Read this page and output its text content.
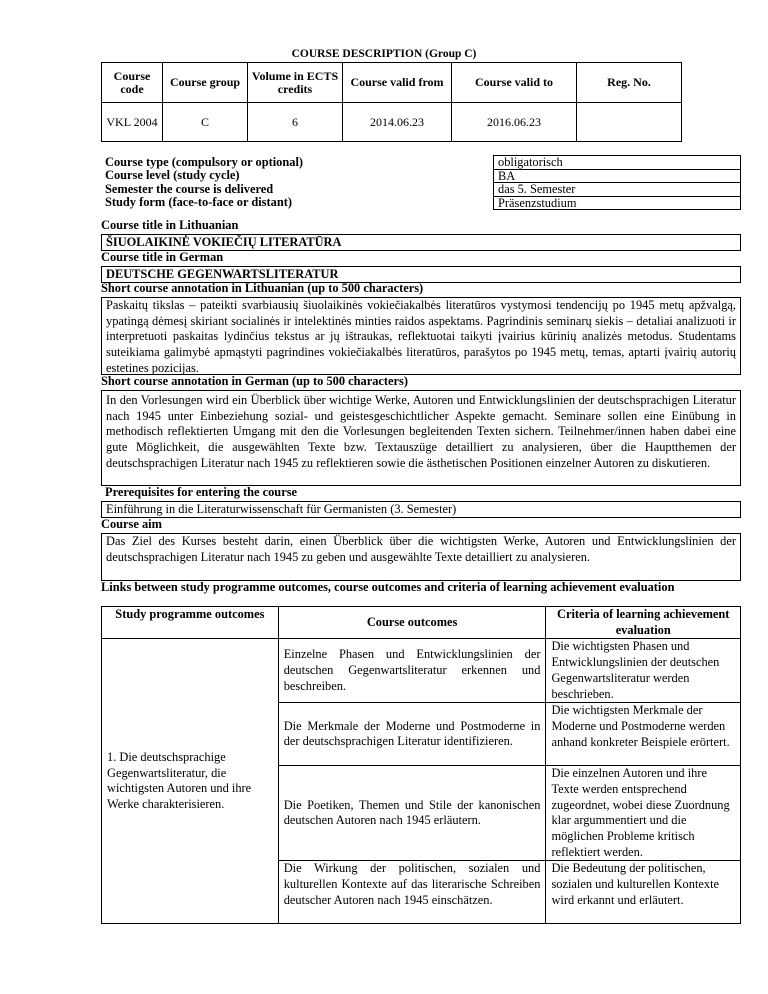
COURSE DESCRIPTION (Group C)
Course code	Course group	Volume in ECTS credits	Course valid from	Course valid to	Reg. No.
VKL 2004	C	6	2014.06.23	2016.06.23	
Course type (compulsory or optional)	obligatorisch
Course level (study cycle)	BA
Semester the course is delivered	das 5. Semester
Study form (face-to-face or distant)	Präsenzstudium
Course title in Lithuanian
ŠIUOLAIKINĖ VOKIEČIŲ LITERATŪRA
Course title in German
DEUTSCHE GEGENWARTSLITERATUR
Short course annotation in Lithuanian (up to 500 characters)
Paskaitų tikslas – pateikti svarbiausių šiuolaikinės vokiečiakalbės literatūros vystymosi tendencijų po 1945 metų apžvalgą, ypatingą dėmesį skiriant socialinės ir intelektinės minties raidos aspektams. Pagrindinis seminarų siekis – detaliai analizuoti ir interpretuoti paskaitas lydinčius tekstus ar jų ištraukas, reflektuotai taikyti įvairius kūrinių analizės metodus. Studentams suteikiama galimybė apmąstyti pagrindines vokiečiakalbės literatūros, parašytos po 1945 metų, temas, aptarti įvairių autorių estetines pozicijas.
Short course annotation in German (up to 500 characters)
In den Vorlesungen wird ein Überblick über wichtige Werke, Autoren und Entwicklungslinien der deutschsprachigen Literatur nach 1945 unter Einbeziehung sozial- und geistesgeschichtlicher Aspekte gemacht. Seminare sollen eine Einübung in methodisch reflektierten Umgang mit den die Vorlesungen begleitenden Texten sichern. Teilnehmer/innen haben dabei eine gute Möglichkeit, die ausgewählten Texte bzw. Textauszüge detailliert zu analysieren, über die Hauptthemen der deutschsprachigen Literatur nach 1945 zu reflektieren sowie die ästhetischen Positionen einzelner Autoren zu diskutieren.
Prerequisites for entering the course
Einführung in die Literaturwissenschaft für Germanisten (3. Semester)
Course aim
Das Ziel des Kurses besteht darin, einen Überblick über die wichtigsten Werke, Autoren und Entwicklungslinien der deutschsprachigen Literatur nach 1945 zu geben und ausgewählte Texte detailliert zu analysieren.
Links between study programme outcomes, course outcomes and criteria of learning achievement evaluation
Study programme outcomes	Course outcomes	Criteria of learning achievement evaluation
1. Die deutschsprachige Gegenwartsliteratur, die wichtigsten Autoren und ihre Werke charakterisieren.	Einzelne Phasen und Entwicklungslinien der deutschen Gegenwartsliteratur erkennen und beschreiben.	Die wichtigsten Phasen und Entwicklungslinien der deutschen Gegenwartsliteratur werden beschrieben.
	Die Merkmale der Moderne und Postmoderne in der deutschsprachigen Literatur identifizieren.	Die wichtigsten Merkmale der Moderne und Postmoderne werden anhand konkreter Beispiele erörtert.
	Die Poetiken, Themen und Stile der kanonischen deutschen Autoren nach 1945 erläutern.	Die einzelnen Autoren und ihre Texte werden entsprechend zugeordnet, wobei diese Zuordnung klar argummentiert und die möglichen Probleme kritisch reflektiert werden.
	Die Wirkung der politischen, sozialen und kulturellen Kontexte auf das literarische Schreiben deutscher Autoren nach 1945 einschätzen.	Die Bedeutung der politischen, sozialen und kulturellen Kontexte wird erkannt und erläutert.
